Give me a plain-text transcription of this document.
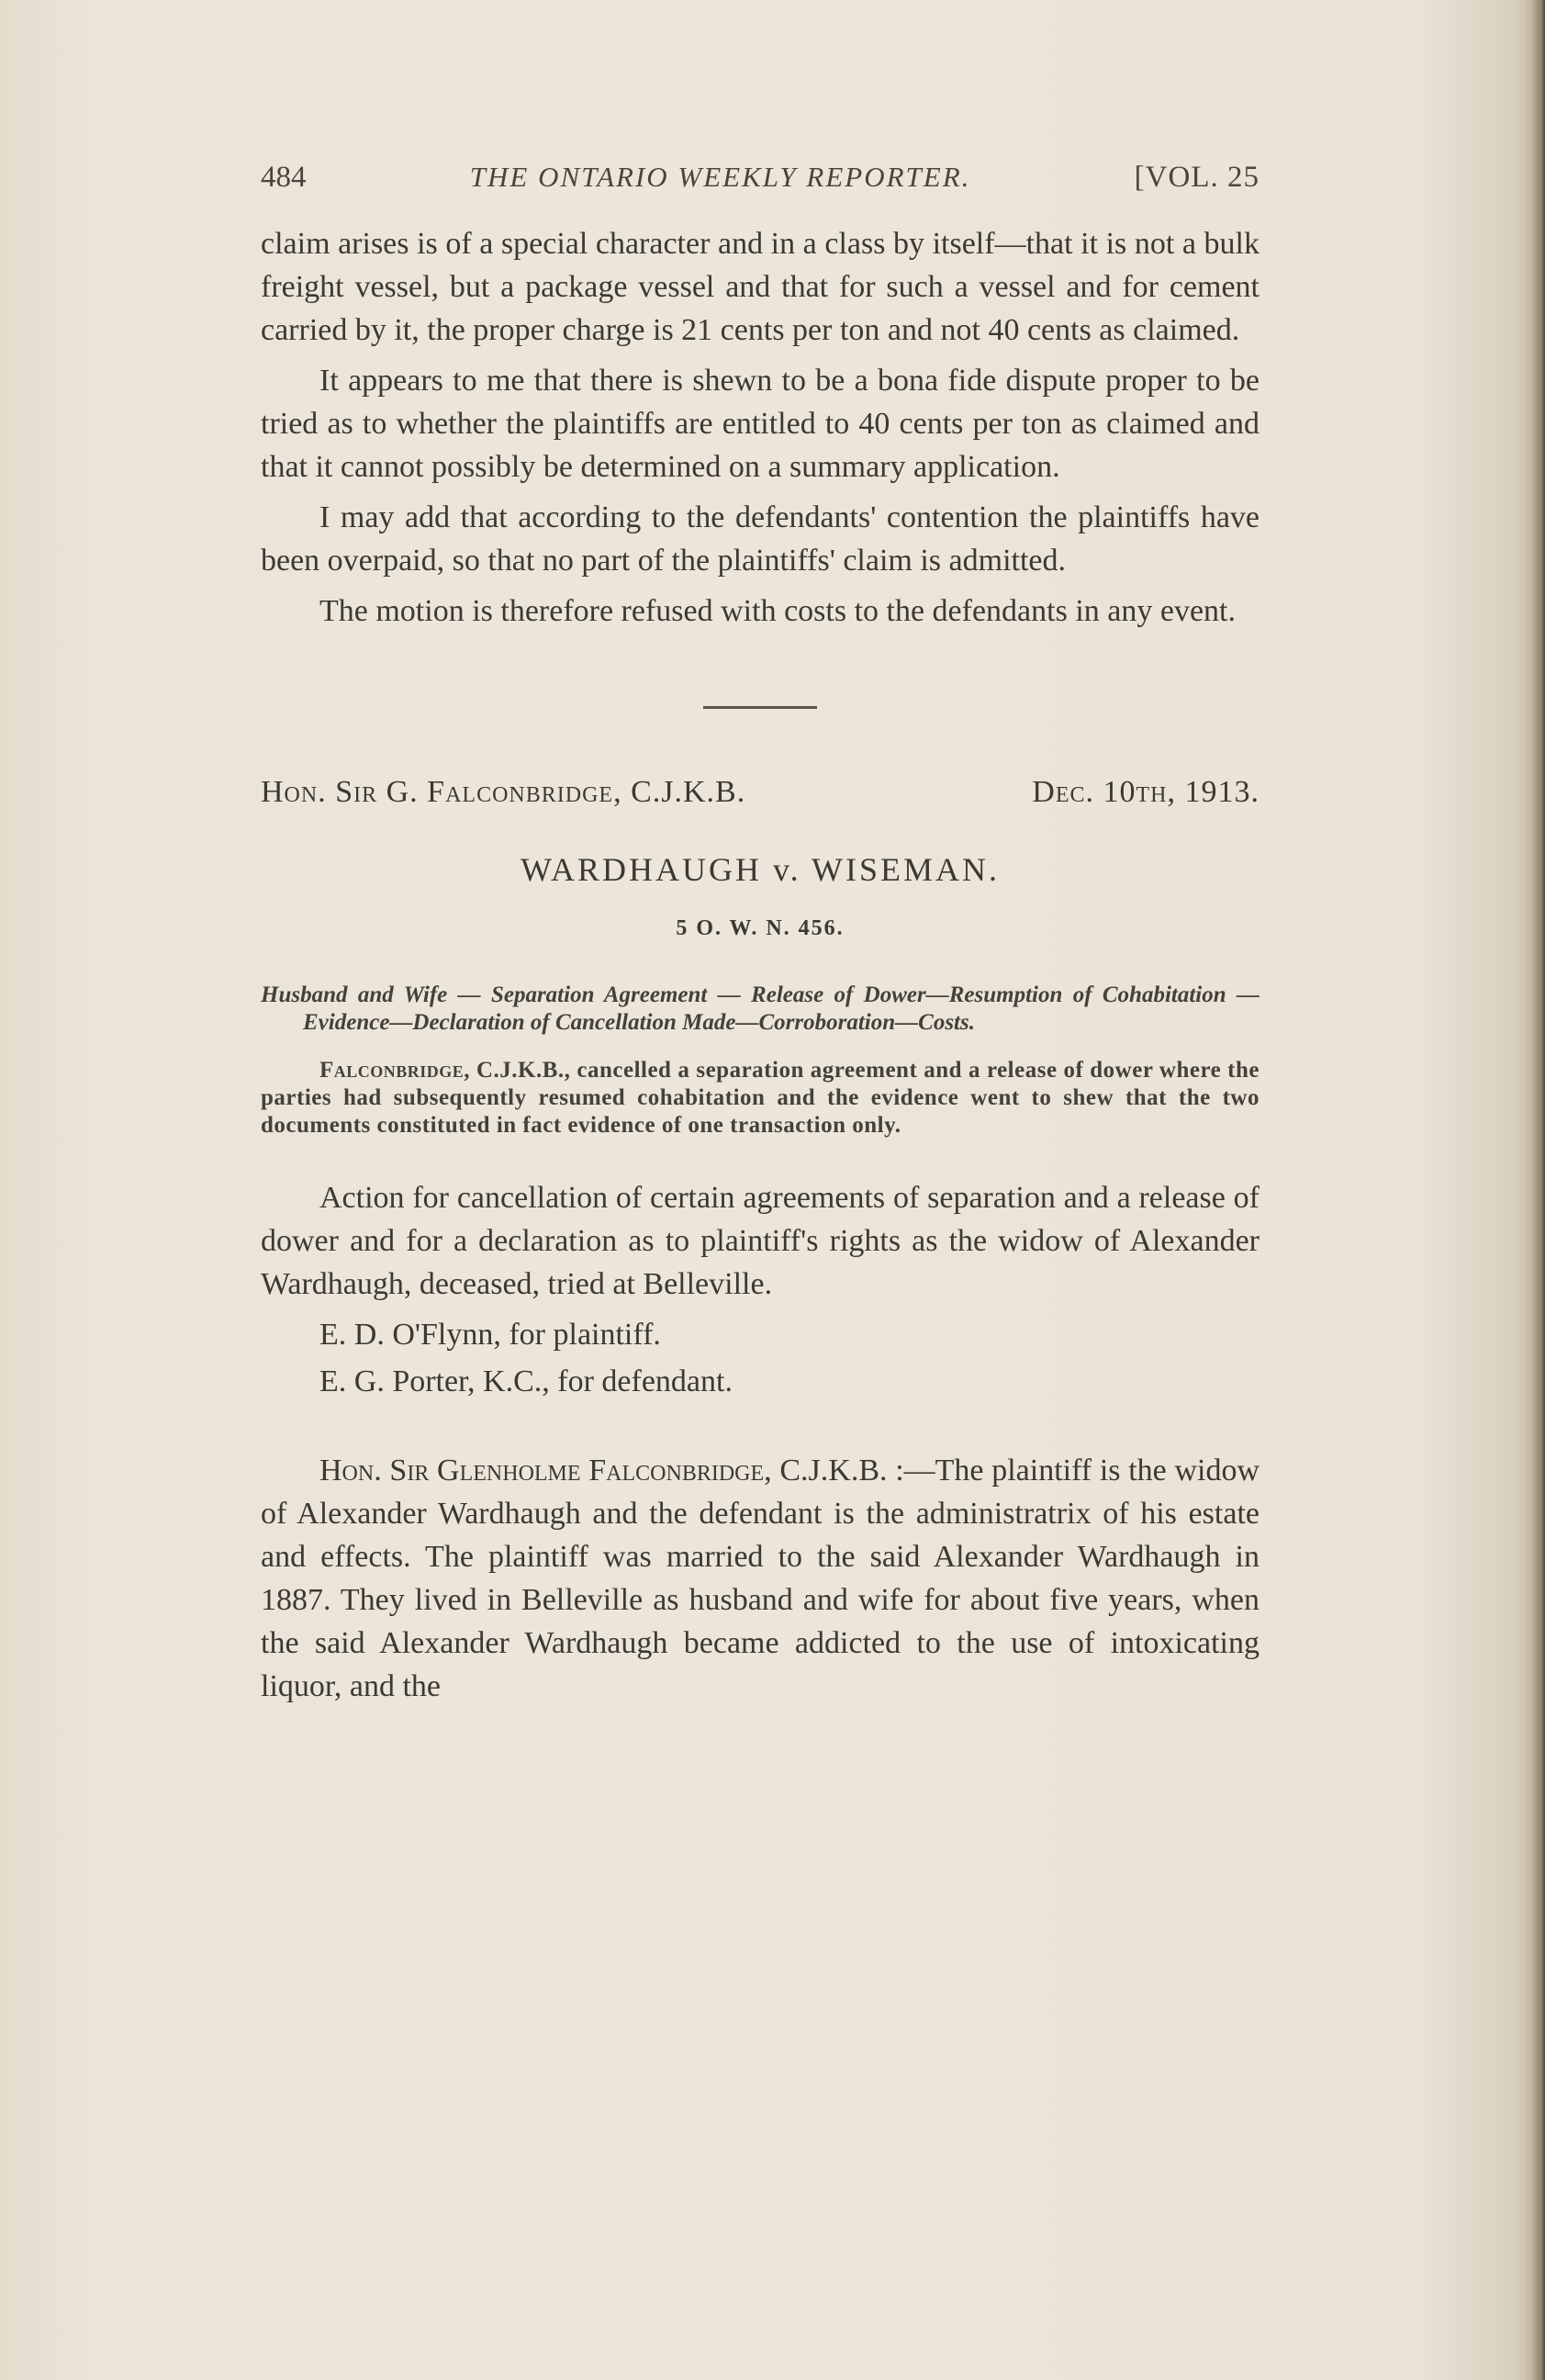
484	THE ONTARIO WEEKLY REPORTER.	[VOL. 25

claim arises is of a special character and in a class by itself—that it is not a bulk freight vessel, but a package vessel and that for such a vessel and for cement carried by it, the proper charge is 21 cents per ton and not 40 cents as claimed.

It appears to me that there is shewn to be a bona fide dispute proper to be tried as to whether the plaintiffs are entitled to 40 cents per ton as claimed and that it cannot possibly be determined on a summary application.

I may add that according to the defendants' contention the plaintiffs have been overpaid, so that no part of the plaintiffs' claim is admitted.

The motion is therefore refused with costs to the defendants in any event.

Hon. Sir G. Falconbridge, C.J.K.B.	Dec. 10th, 1913.
WARDHAUGH v. WISEMAN.
5 O. W. N. 456.
Husband and Wife — Separation Agreement — Release of Dower—Resumption of Cohabitation — Evidence—Declaration of Cancellation Made—Corroboration—Costs.
Falconbridge, C.J.K.B., cancelled a separation agreement and a release of dower where the parties had subsequently resumed cohabitation and the evidence went to shew that the two documents constituted in fact evidence of one transaction only.

Action for cancellation of certain agreements of separation and a release of dower and for a declaration as to plaintiff's rights as the widow of Alexander Wardhaugh, deceased, tried at Belleville.

E. D. O'Flynn, for plaintiff.
E. G. Porter, K.C., for defendant.

Hon. Sir Glenholme Falconbridge, C.J.K.B. :—The plaintiff is the widow of Alexander Wardhaugh and the defendant is the administratrix of his estate and effects. The plaintiff was married to the said Alexander Wardhaugh in 1887. They lived in Belleville as husband and wife for about five years, when the said Alexander Wardhaugh became addicted to the use of intoxicating liquor, and the
